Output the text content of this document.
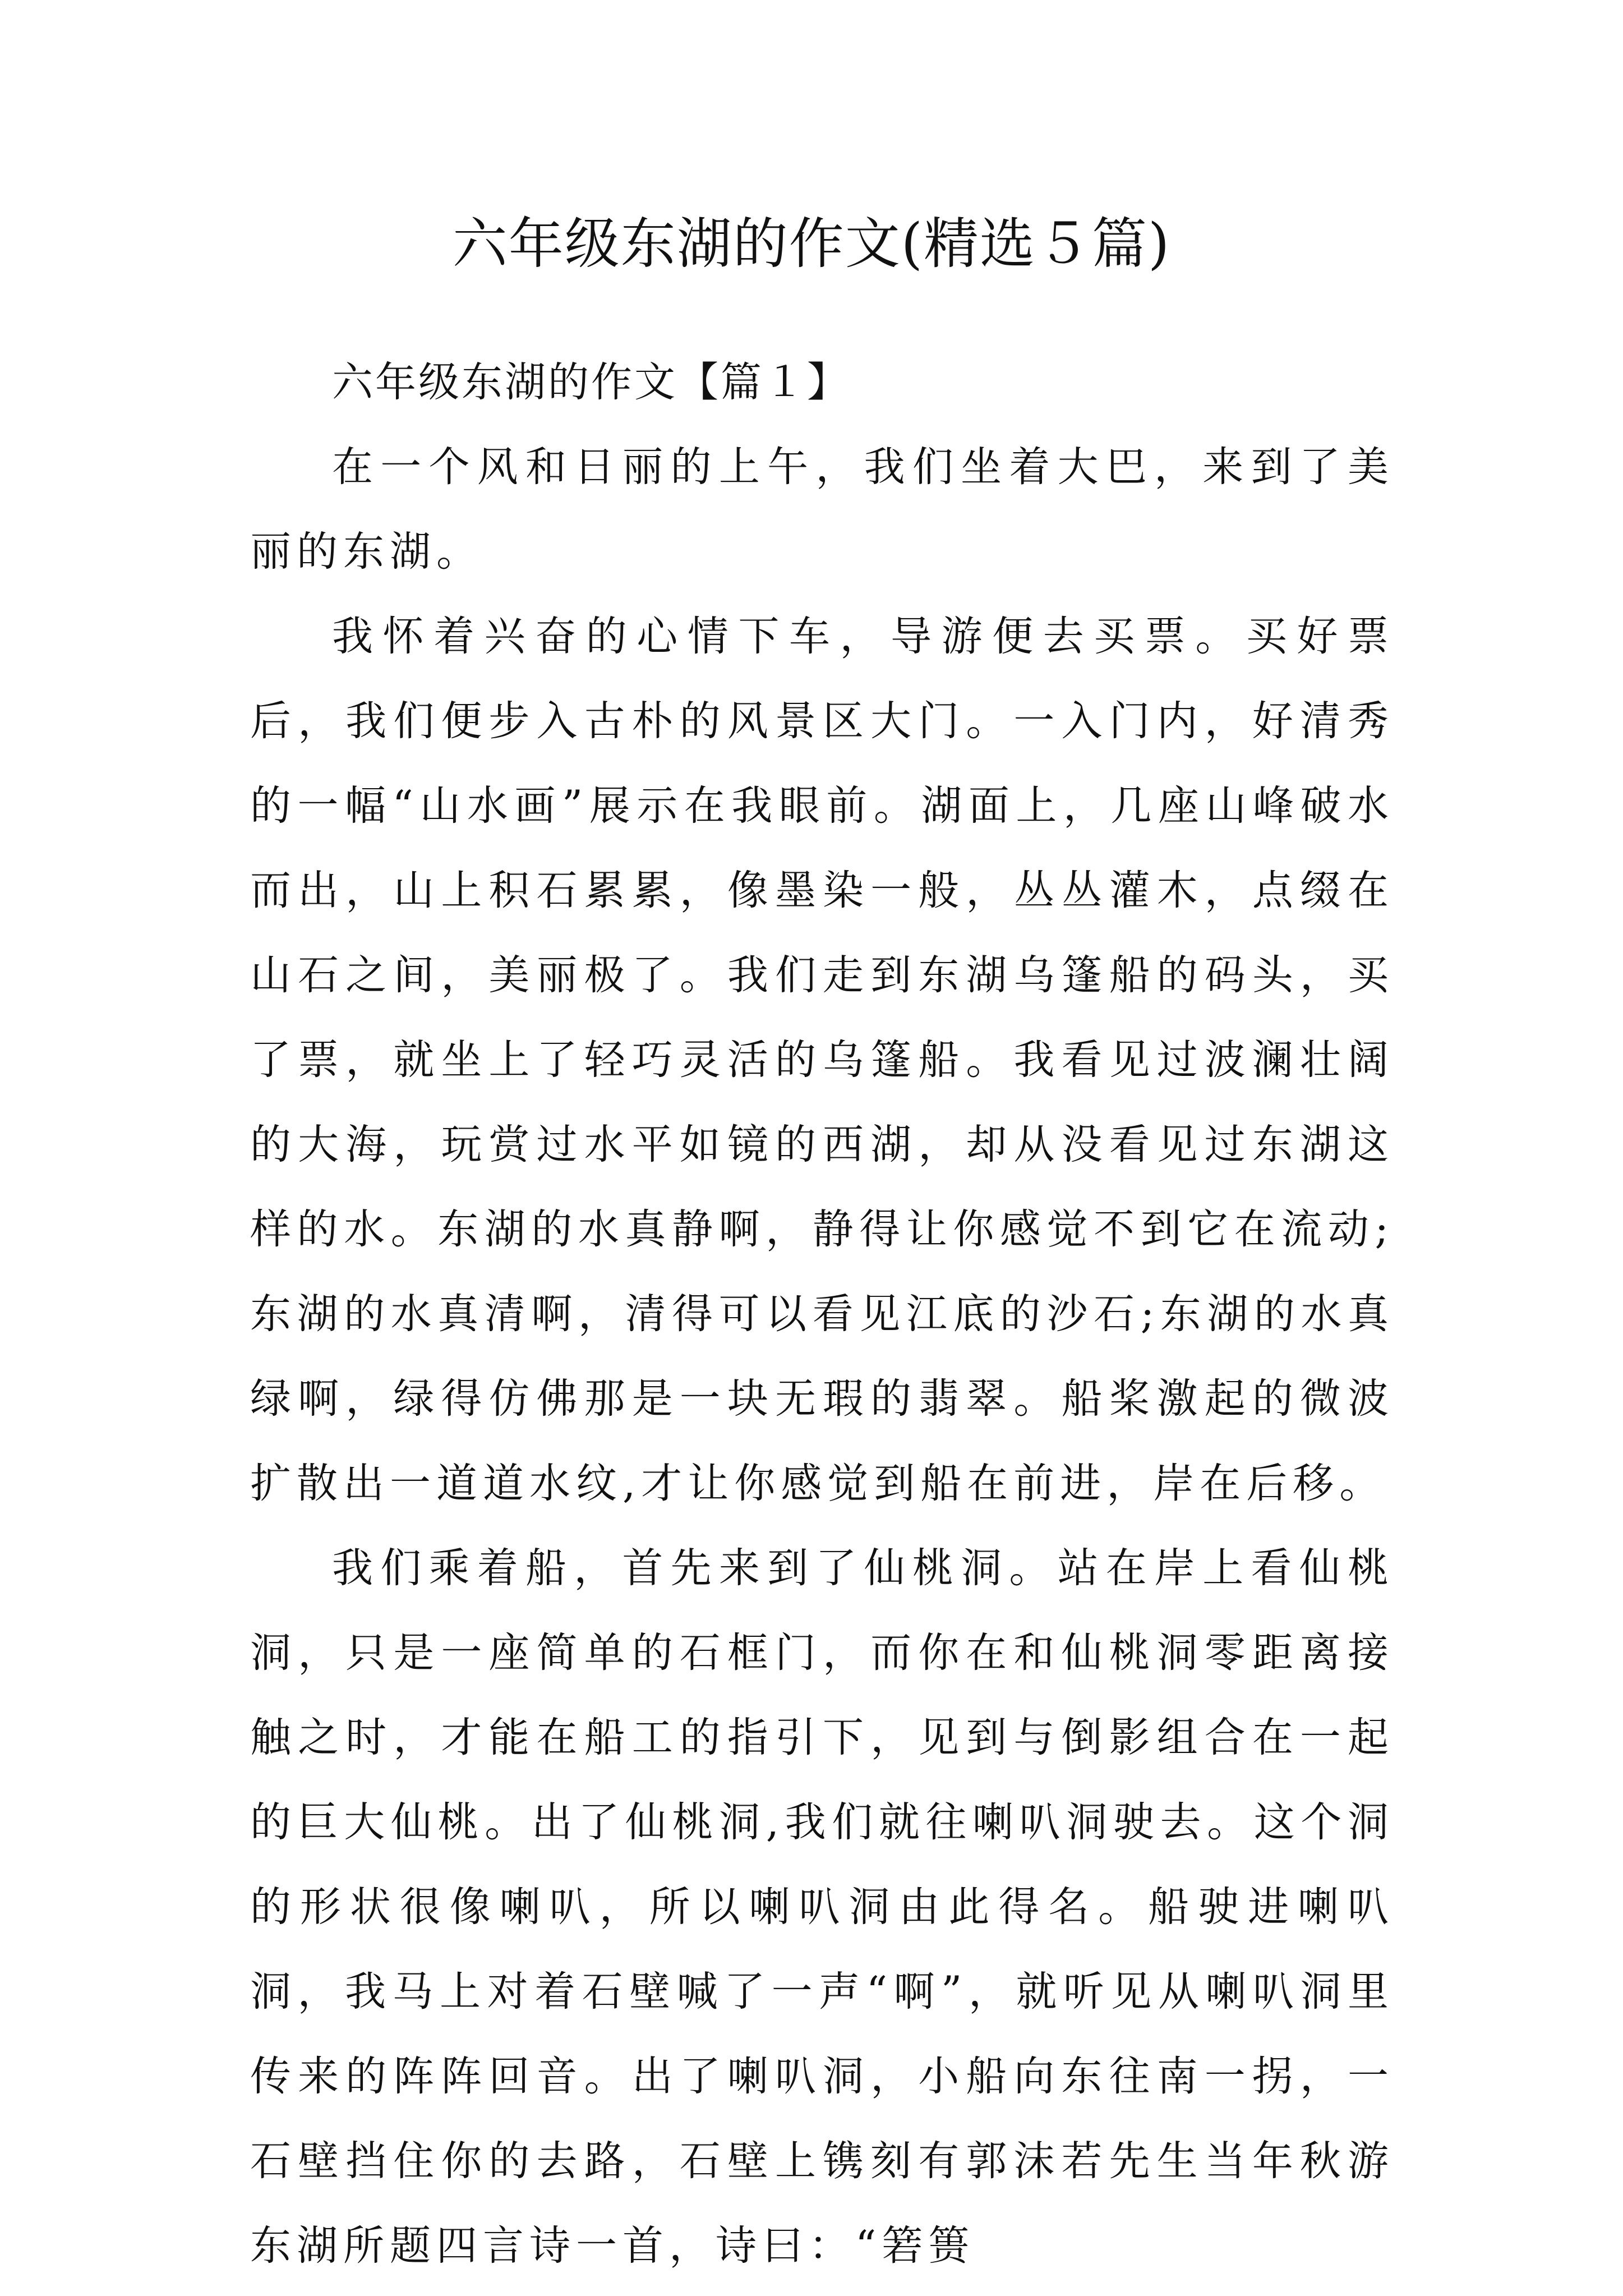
六年级东湖的作文(精选５篇)

六年级东湖的作文【篇１】

在一个风和日丽的上午，我们坐着大巴，来到了美丽的东湖。

我怀着兴奋的心情下车，导游便去买票。买好票后，我们便步入古朴的风景区大门。一入门内，好清秀的一幅“山水画”展示在我眼前。湖面上，几座山峰破水而出，山上积石累累，像墨染一般，丛丛灌木，点缀在山石之间，美丽极了。我们走到东湖乌篷船的码头，买了票，就坐上了轻巧灵活的乌篷船。我看见过波澜壮阔的大海，玩赏过水平如镜的西湖，却从没看见过东湖这样的水。东湖的水真静啊，静得让你感觉不到它在流动;东湖的水真清啊，清得可以看见江底的沙石;东湖的水真绿啊，绿得仿佛那是一块无瑕的翡翠。船桨激起的微波扩散出一道道水纹,才让你感觉到船在前进，岸在后移。

我们乘着船，首先来到了仙桃洞。站在岸上看仙桃洞，只是一座简单的石框门，而你在和仙桃洞零距离接触之时，才能在船工的指引下，见到与倒影组合在一起的巨大仙桃。出了仙桃洞,我们就往喇叭洞驶去。这个洞的形状很像喇叭，所以喇叭洞由此得名。船驶进喇叭洞，我马上对着石壁喊了一声“啊”，就听见从喇叭洞里传来的阵阵回音。出了喇叭洞，小船向东往南一拐，一石壁挡住你的去路，石壁上镌刻有郭沫若先生当年秋游东湖所题四言诗一首，诗曰：“箬篑
